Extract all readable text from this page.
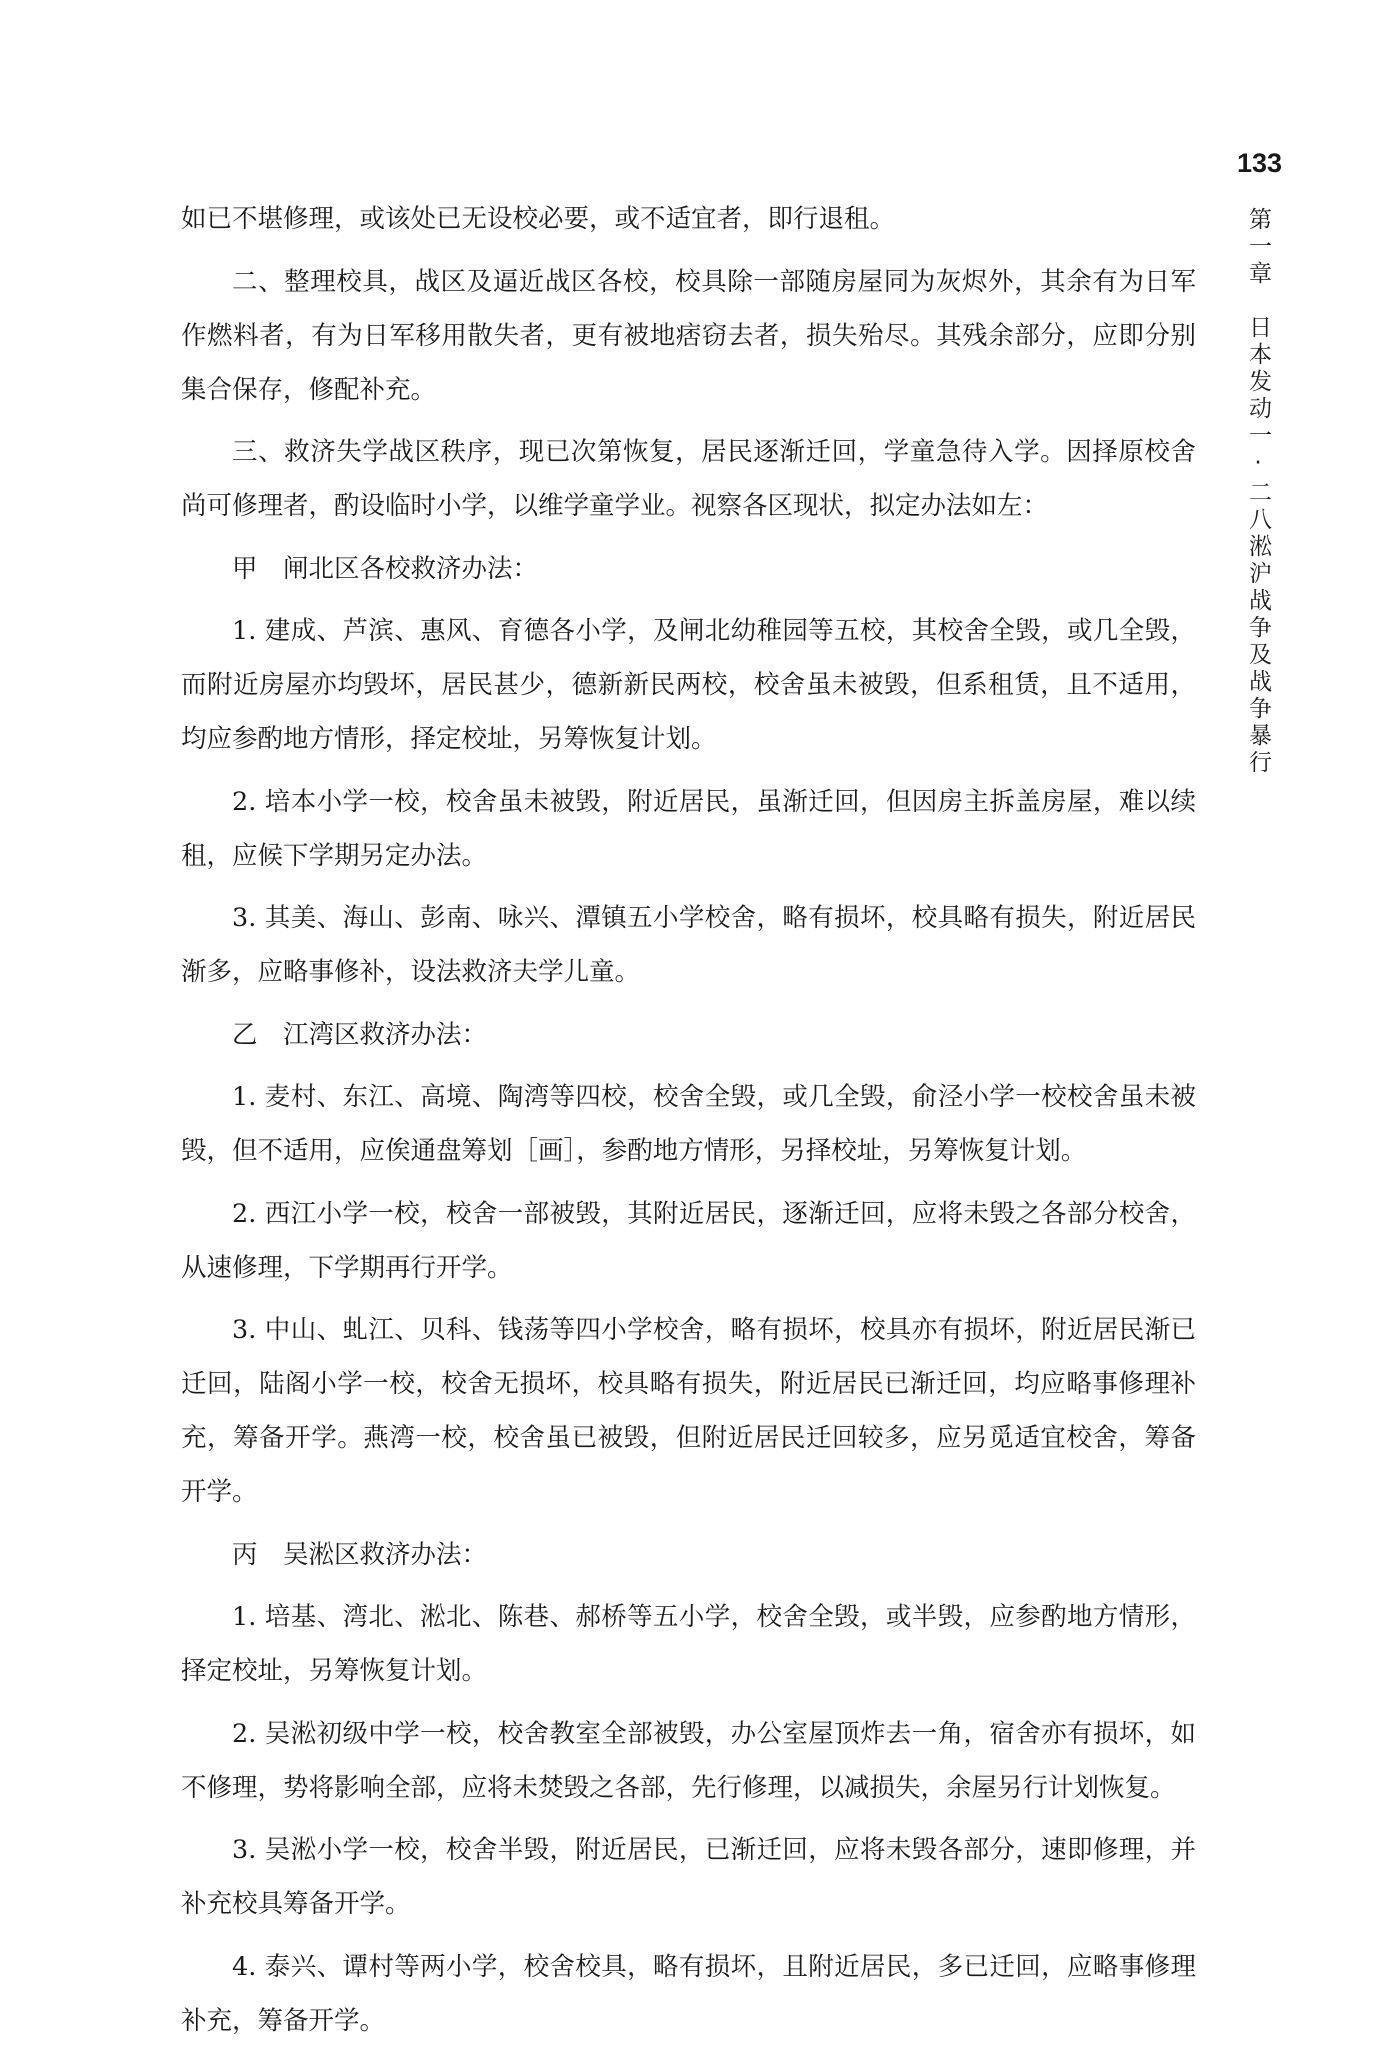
133
第一章　日本发动一·二八淞沪战争及战争暴行

如已不堪修理，或该处已无设校必要，或不适宜者，即行退租。

二、整理校具，战区及逼近战区各校，校具除一部随房屋同为灰烬外，其余有为日军作燃料者，有为日军移用散失者，更有被地痞窃去者，损失殆尽。其残余部分，应即分别集合保存，修配补充。

三、救济失学战区秩序，现已次第恢复，居民逐渐迁回，学童急待入学。因择原校舍尚可修理者，酌设临时小学，以维学童学业。视察各区现状，拟定办法如左：

甲　闸北区各校救济办法：

1. 建成、芦滨、惠风、育德各小学，及闸北幼稚园等五校，其校舍全毁，或几全毁，而附近房屋亦均毁坏，居民甚少，德新新民两校，校舍虽未被毁，但系租赁，且不适用，均应参酌地方情形，择定校址，另筹恢复计划。

2. 培本小学一校，校舍虽未被毁，附近居民，虽渐迁回，但因房主拆盖房屋，难以续租，应候下学期另定办法。

3. 其美、海山、彭南、咏兴、潭镇五小学校舍，略有损坏，校具略有损失，附近居民渐多，应略事修补，设法救济夫学儿童。

乙　江湾区救济办法：

1. 麦村、东江、高境、陶湾等四校，校舍全毁，或几全毁，俞泾小学一校校舍虽未被毁，但不适用，应俟通盘筹划［画］，参酌地方情形，另择校址，另筹恢复计划。

2. 西江小学一校，校舍一部被毁，其附近居民，逐渐迁回，应将未毁之各部分校舍，从速修理，下学期再行开学。

3. 中山、虬江、贝科、钱荡等四小学校舍，略有损坏，校具亦有损坏，附近居民渐已迁回，陆阁小学一校，校舍无损坏，校具略有损失，附近居民已渐迁回，均应略事修理补充，筹备开学。燕湾一校，校舍虽已被毁，但附近居民迁回较多，应另觅适宜校舍，筹备开学。

丙　吴淞区救济办法：

1. 培基、湾北、淞北、陈巷、郝桥等五小学，校舍全毁，或半毁，应参酌地方情形，择定校址，另筹恢复计划。

2. 吴淞初级中学一校，校舍教室全部被毁，办公室屋顶炸去一角，宿舍亦有损坏，如不修理，势将影响全部，应将未焚毁之各部，先行修理，以减损失，余屋另行计划恢复。

3. 吴淞小学一校，校舍半毁，附近居民，已渐迁回，应将未毁各部分，速即修理，并补充校具筹备开学。

4. 泰兴、谭村等两小学，校舍校具，略有损坏，且附近居民，多已迁回，应略事修理补充，筹备开学。
